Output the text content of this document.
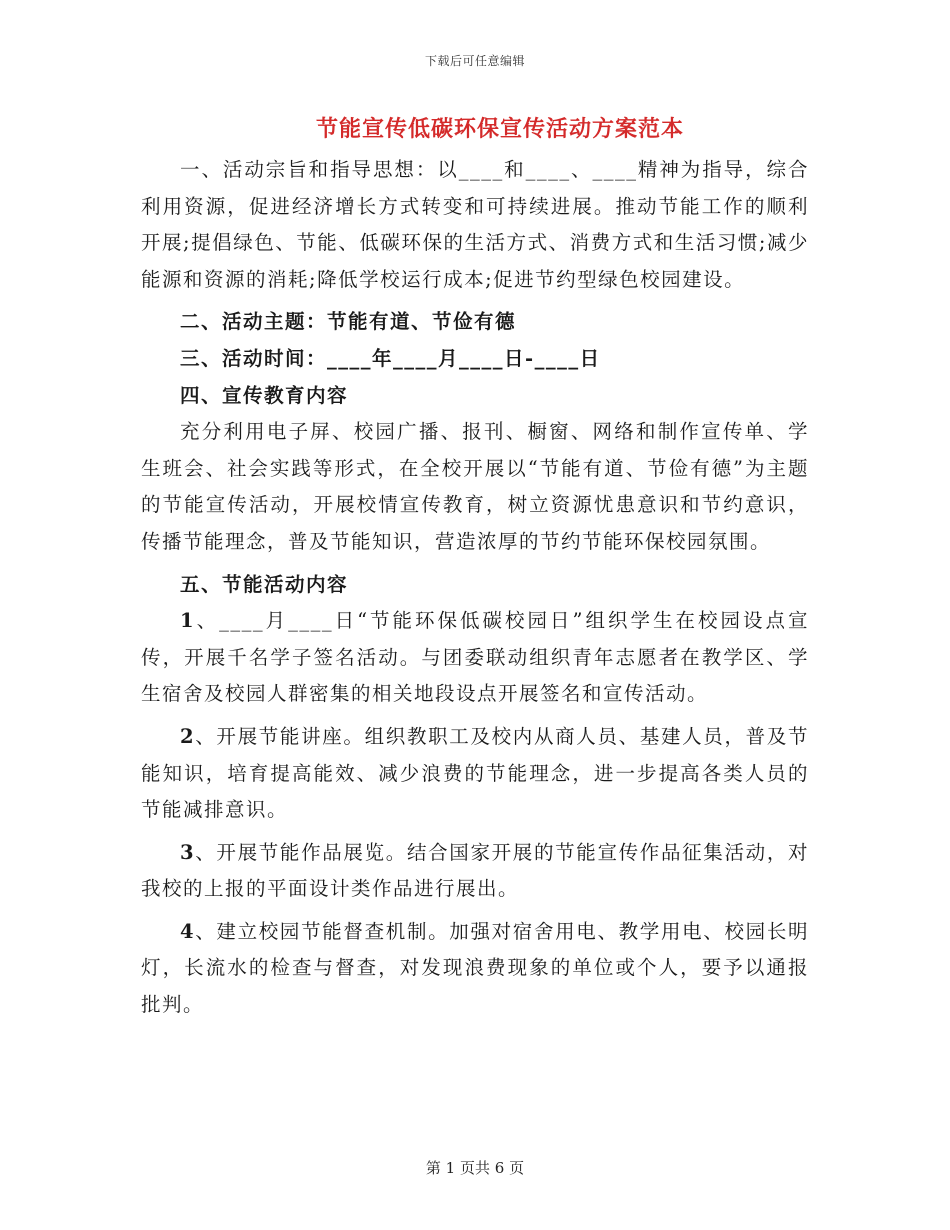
下载后可任意编辑
节能宣传低碳环保宣传活动方案范本

一、活动宗旨和指导思想：以____和____、____精神为指导，综合利用资源，促进经济增长方式转变和可持续进展。推动节能工作的顺利开展;提倡绿色、节能、低碳环保的生活方式、消费方式和生活习惯;减少能源和资源的消耗;降低学校运行成本;促进节约型绿色校园建设。

二、活动主题：节能有道、节俭有德

三、活动时间：____年____月____日-____日

四、宣传教育内容

充分利用电子屏、校园广播、报刊、橱窗、网络和制作宣传单、学生班会、社会实践等形式，在全校开展以“节能有道、节俭有德”为主题的节能宣传活动，开展校情宣传教育，树立资源忧患意识和节约意识，传播节能理念，普及节能知识，营造浓厚的节约节能环保校园氛围。

五、节能活动内容

1、____月____日“节能环保低碳校园日”组织学生在校园设点宣传，开展千名学子签名活动。与团委联动组织青年志愿者在教学区、学生宿舍及校园人群密集的相关地段设点开展签名和宣传活动。

2、开展节能讲座。组织教职工及校内从商人员、基建人员，普及节能知识，培育提高能效、减少浪费的节能理念，进一步提高各类人员的节能减排意识。

3、开展节能作品展览。结合国家开展的节能宣传作品征集活动，对我校的上报的平面设计类作品进行展出。

4、建立校园节能督查机制。加强对宿舍用电、教学用电、校园长明灯，长流水的检查与督查，对发现浪费现象的单位或个人，要予以通报批判。

第 1 页共 6 页
